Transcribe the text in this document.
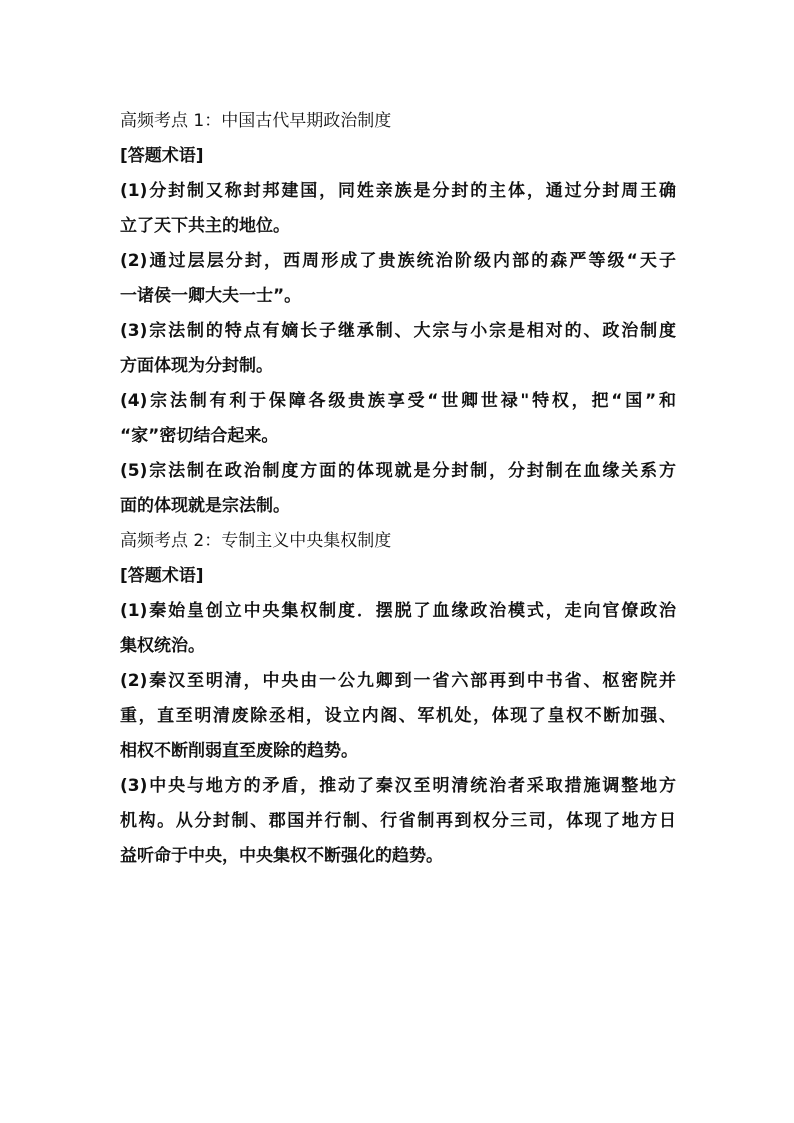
高频考点 1：中国古代早期政治制度
[答题术语]
(1)分封制又称封邦建国，同姓亲族是分封的主体，通过分封周王确
立了天下共主的地位。
(2)通过层层分封，西周形成了贵族统治阶级内部的森严等级“天子
一诸侯一卿大夫一士”。
(3)宗法制的特点有嫡长子继承制、大宗与小宗是相对的、政治制度
方面体现为分封制。
(4)宗法制有利于保障各级贵族享受“世卿世禄"特权，把“国”和
“家”密切结合起来。
(5)宗法制在政治制度方面的体现就是分封制，分封制在血缘关系方
面的体现就是宗法制。
高频考点 2：专制主义中央集权制度
[答题术语]
(1)秦始皇创立中央集权制度．摆脱了血缘政治模式，走向官僚政治
集权统治。
(2)秦汉至明清，中央由一公九卿到一省六部再到中书省、枢密院并
重，直至明清废除丞相，设立内阁、军机处，体现了皇权不断加强、
相权不断削弱直至废除的趋势。
(3)中央与地方的矛盾，推动了秦汉至明清统治者采取措施调整地方
机构。从分封制、郡国并行制、行省制再到权分三司，体现了地方日
益听命于中央，中央集权不断强化的趋势。
